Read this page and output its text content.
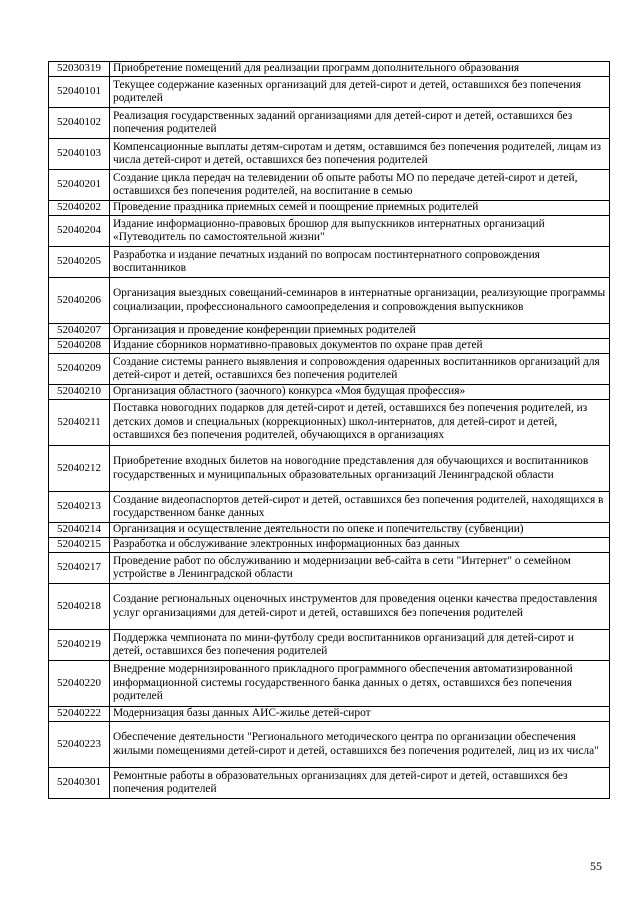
52030319	Приобретение помещений для реализации программ дополнительного образования
52040101	Текущее содержание казенных организаций для детей-сирот и детей, оставшихся без попечения родителей
52040102	Реализация государственных заданий организациями для детей-сирот и детей, оставшихся без попечения родителей
52040103	Компенсационные выплаты детям-сиротам и детям, оставшимся без попечения родителей, лицам из числа детей-сирот и детей, оставшихся без попечения родителей
52040201	Создание цикла передач на телевидении об опыте работы МО по передаче детей-сирот и детей, оставшихся без попечения родителей, на воспитание в семью
52040202	Проведение праздника приемных семей и поощрение приемных родителей
52040204	Издание информационно-правовых брошюр для выпускников интернатных организаций «Путеводитель по самостоятельной жизни"
52040205	Разработка и издание печатных изданий по вопросам постинтернатного сопровождения воспитанников
52040206	Организация выездных совещаний-семинаров в интернатные организации, реализующие программы социализации, профессионального самоопределения и сопровождения выпускников
52040207	Организация и проведение конференции приемных родителей
52040208	Издание сборников нормативно-правовых документов по охране прав детей
52040209	Создание системы раннего выявления и сопровождения одаренных воспитанников организаций для детей-сирот и детей, оставшихся без попечения родителей
52040210	Организация областного (заочного) конкурса «Моя будущая профессия»
52040211	Поставка новогодних подарков для детей-сирот и детей, оставшихся без попечения родителей, из детских домов и специальных (коррекционных) школ-интернатов, для детей-сирот и детей, оставшихся без попечения родителей, обучающихся в организациях
52040212	Приобретение входных билетов на новогодние представления для обучающихся и воспитанников государственных и муниципальных образовательных организаций Ленинградской области
52040213	Создание видеопаспортов детей-сирот и детей, оставшихся без попечения родителей, находящихся в государственном банке данных
52040214	Организация и осуществление деятельности по опеке и попечительству (субвенции)
52040215	Разработка и обслуживание электронных информационных баз данных
52040217	Проведение работ по обслуживанию и модернизации веб-сайта в сети "Интернет" о семейном устройстве в Ленинградской области
52040218	Создание региональных оценочных инструментов для проведения оценки качества предоставления услуг организациями для детей-сирот и детей, оставшихся без попечения родителей
52040219	Поддержка чемпионата по мини-футболу среди воспитанников организаций для детей-сирот и детей, оставшихся без попечения родителей
52040220	Внедрение модернизированного прикладного программного обеспечения автоматизированной информационной системы государственного банка данных о детях, оставшихся без попечения родителей
52040222	Модернизация базы данных АИС-жилье детей-сирот
52040223	Обеспечение деятельности "Регионального методического центра по организации обеспечения жилыми помещениями детей-сирот и детей, оставшихся без попечения родителей, лиц из их числа"
52040301	Ремонтные работы в образовательных организациях для детей-сирот и детей, оставшихся без попечения родителей
55
